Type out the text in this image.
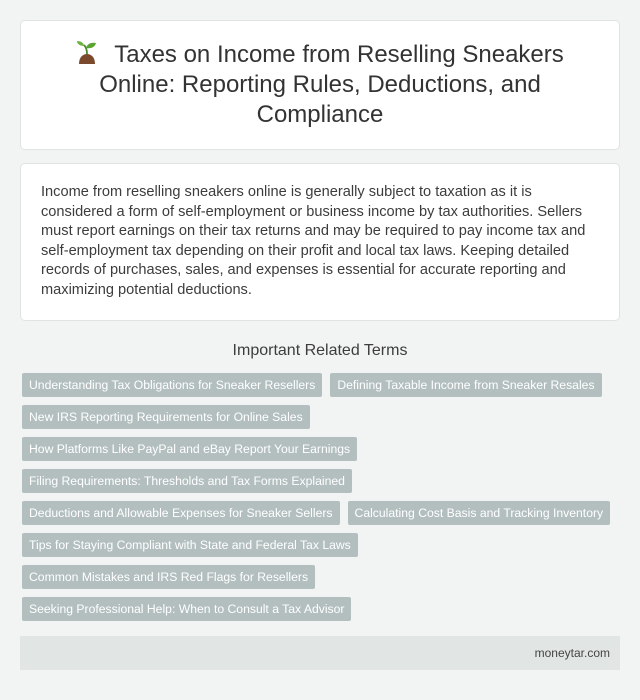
Taxes on Income from Reselling Sneakers Online: Reporting Rules, Deductions, and Compliance

Income from reselling sneakers online is generally subject to taxation as it is considered a form of self-employment or business income by tax authorities. Sellers must report earnings on their tax returns and may be required to pay income tax and self-employment tax depending on their profit and local tax laws. Keeping detailed records of purchases, sales, and expenses is essential for accurate reporting and maximizing potential deductions.

Important Related Terms
Understanding Tax Obligations for Sneaker Resellers	Defining Taxable Income from Sneaker Resales
New IRS Reporting Requirements for Online Sales
How Platforms Like PayPal and eBay Report Your Earnings
Filing Requirements: Thresholds and Tax Forms Explained
Deductions and Allowable Expenses for Sneaker Sellers	Calculating Cost Basis and Tracking Inventory
Tips for Staying Compliant with State and Federal Tax Laws
Common Mistakes and IRS Red Flags for Resellers
Seeking Professional Help: When to Consult a Tax Advisor
moneytar.com
